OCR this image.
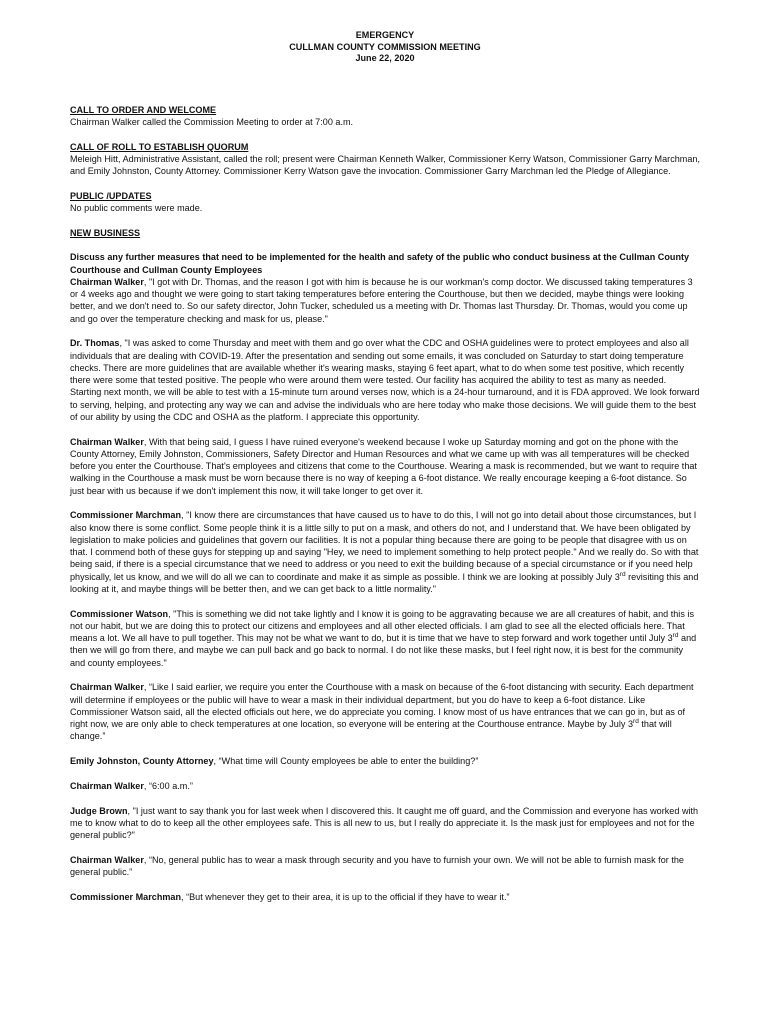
EMERGENCY
CULLMAN COUNTY COMMISSION MEETING
June 22, 2020
CALL TO ORDER AND WELCOME

Chairman Walker called the Commission Meeting to order at 7:00 a.m.

CALL OF ROLL TO ESTABLISH QUORUM

Meleigh Hitt, Administrative Assistant, called the roll; present were Chairman Kenneth Walker, Commissioner Kerry Watson, Commissioner Garry Marchman, and Emily Johnston, County Attorney. Commissioner Kerry Watson gave the invocation. Commissioner Garry Marchman led the Pledge of Allegiance.

PUBLIC /UPDATES

No public comments were made.

NEW BUSINESS
Discuss any further measures that need to be implemented for the health and safety of the public who conduct business at the Cullman County Courthouse and Cullman County Employees
Chairman Walker, "I got with Dr. Thomas, and the reason I got with him is because he is our workman's comp doctor. We discussed taking temperatures 3 or 4 weeks ago and thought we were going to start taking temperatures before entering the Courthouse, but then we decided, maybe things were looking better, and we don't need to. So our safety director, John Tucker, scheduled us a meeting with Dr. Thomas last Thursday. Dr. Thomas, would you come up and go over the temperature checking and mask for us, please."
Dr. Thomas, "I was asked to come Thursday and meet with them and go over what the CDC and OSHA guidelines were to protect employees and also all individuals that are dealing with COVID-19. After the presentation and sending out some emails, it was concluded on Saturday to start doing temperature checks. There are more guidelines that are available whether it's wearing masks, staying 6 feet apart, what to do when some test positive, which recently there were some that tested positive. The people who were around them were tested. Our facility has acquired the ability to test as many as needed. Starting next month, we will be able to test with a 15-minute turn around verses now, which is a 24-hour turnaround, and it is FDA approved. We look forward to serving, helping, and protecting any way we can and advise the individuals who are here today who make those decisions. We will guide them to the best of our ability by using the CDC and OSHA as the platform. I appreciate this opportunity.
Chairman Walker, With that being said, I guess I have ruined everyone's weekend because I woke up Saturday morning and got on the phone with the County Attorney, Emily Johnston, Commissioners, Safety Director and Human Resources and what we came up with was all temperatures will be checked before you enter the Courthouse. That's employees and citizens that come to the Courthouse. Wearing a mask is recommended, but we want to require that walking in the Courthouse a mask must be worn because there is no way of keeping a 6-foot distance. We really encourage keeping a 6-foot distance. So just bear with us because if we don't implement this now, it will take longer to get over it.
Commissioner Marchman, "I know there are circumstances that have caused us to have to do this, I will not go into detail about those circumstances, but I also know there is some conflict. Some people think it is a little silly to put on a mask, and others do not, and I understand that. We have been obligated by legislation to make policies and guidelines that govern our facilities. It is not a popular thing because there are going to be people that disagree with us on that. I commend both of these guys for stepping up and saying "Hey, we need to implement something to help protect people." And we really do. So with that being said, if there is a special circumstance that we need to address or you need to exit the building because of a special circumstance or if you need help physically, let us know, and we will do all we can to coordinate and make it as simple as possible. I think we are looking at possibly July 3rd revisiting this and looking at it, and maybe things will be better then, and we can get back to a little normality."
Commissioner Watson, "This is something we did not take lightly and I know it is going to be aggravating because we are all creatures of habit, and this is not our habit, but we are doing this to protect our citizens and employees and all other elected officials. I am glad to see all the elected officials here. That means a lot. We all have to pull together. This may not be what we want to do, but it is time that we have to step forward and work together until July 3rd and then we will go from there, and maybe we can pull back and go back to normal. I do not like these masks, but I feel right now, it is best for the community and county employees."
Chairman Walker, “Like I said earlier, we require you enter the Courthouse with a mask on because of the 6-foot distancing with security. Each department will determine if employees or the public will have to wear a mask in their individual department, but you do have to keep a 6-foot distance. Like Commissioner Watson said, all the elected officials out here, we do appreciate you coming. I know most of us have entrances that we can go in, but as of right now, we are only able to check temperatures at one location, so everyone will be entering at the Courthouse entrance. Maybe by July 3rd that will change.”
Emily Johnston, County Attorney, “What time will County employees be able to enter the building?”
Chairman Walker, “6:00 a.m.”
Judge Brown, "I just want to say thank you for last week when I discovered this. It caught me off guard, and the Commission and everyone has worked with me to know what to do to keep all the other employees safe. This is all new to us, but I really do appreciate it. Is the mask just for employees and not for the general public?"
Chairman Walker, “No, general public has to wear a mask through security and you have to furnish your own. We will not be able to furnish mask for the general public.”
Commissioner Marchman, “But whenever they get to their area, it is up to the official if they have to wear it.”
